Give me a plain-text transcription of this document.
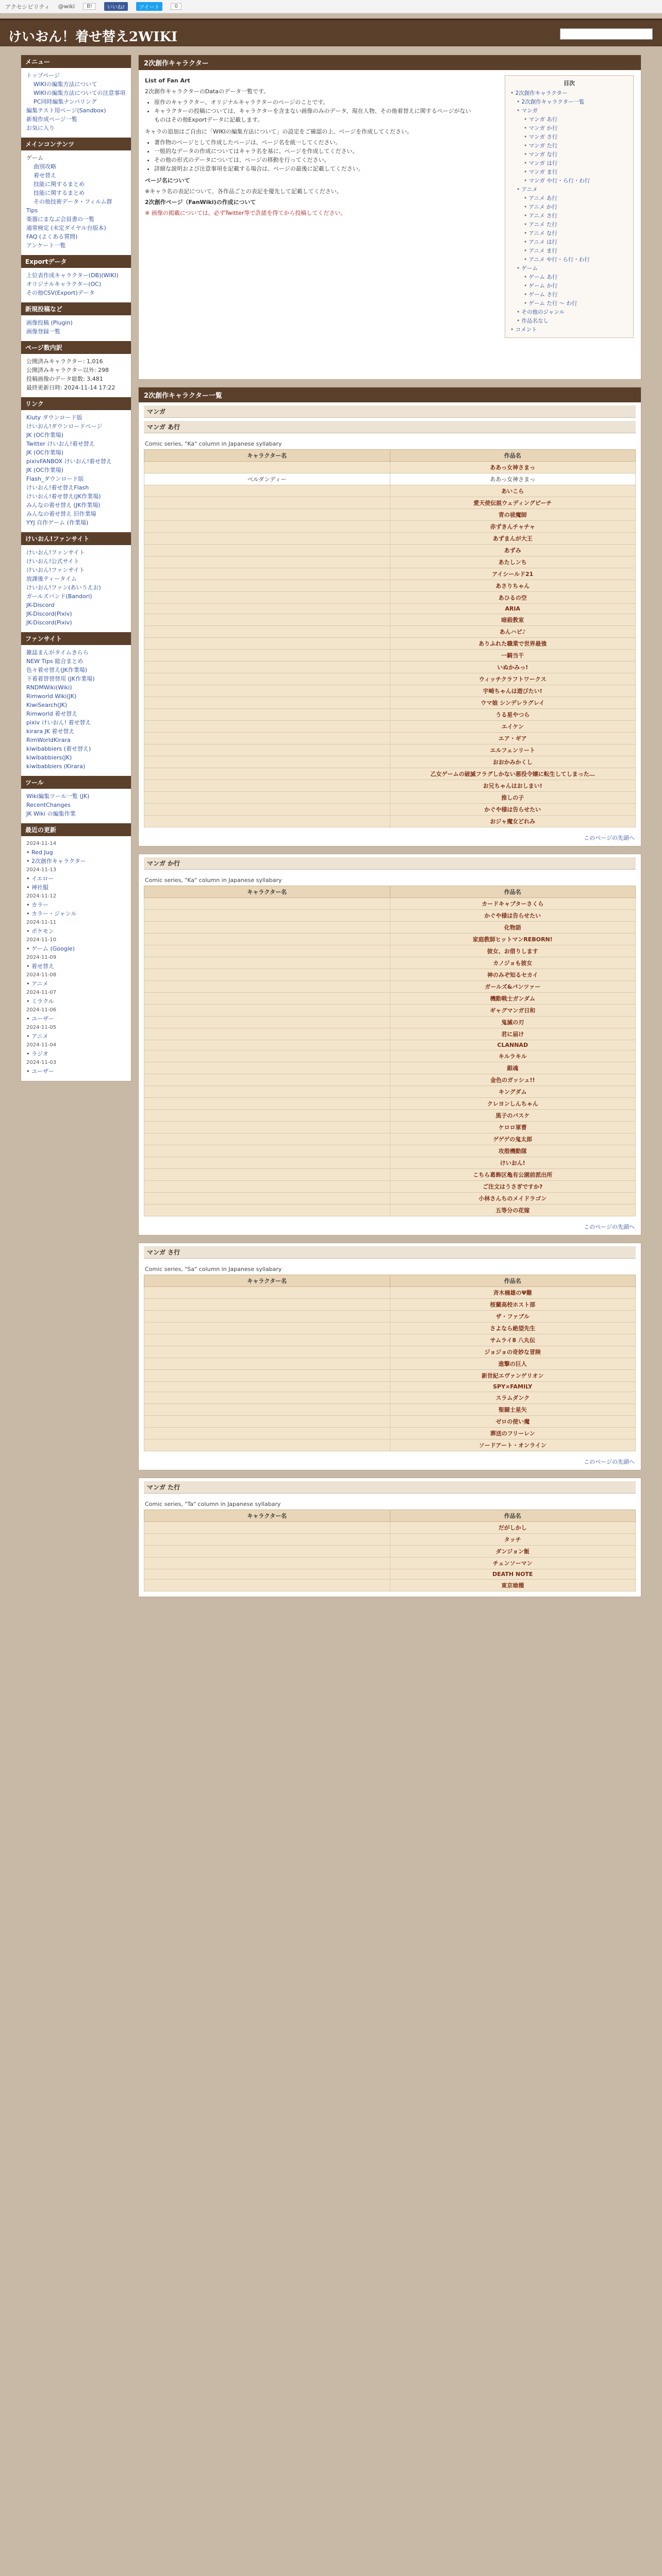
アクセシビリティ @wiki	B!	いいね!	ツイート	0
けいおん！着せ替え2WIKI
メニュー
トップページ
WIKIの編集方法について
WIKIの編集方法についての注意事項
PC同時編集ナンバリング
編集テスト用ページ(Sandbox)
新規作成ページ一覧
お気に入り
メインコンテンツ
ゲーム
曲別攻略
着せ替え
技能に関するまとめ
技能に関するまとめ
その他技術データ・フィルム群
Tips
楽器にまなぶ会員書の一覧
通常検定 (未定ダイヤル台版本)
FAQ (よくある質問)
アンケート一覧
Exportデータ
上位表作成キャラクター(DB)(WIKI)
オリジナルキャラクター(OC)
その他CSV(Export)データ
新規投稿など
画像投稿 (Plugin)
画像登録一覧
ページ数内訳
公開済みキャラクター: 1,016
公開済みキャラクター以外: 298
投稿画像のデータ総数: 3,481
最終更新日時: 2024-11-14 17:22
リンク
Kiuty ダウンロード版
けいおん!ダウンロードページ
JK (OC作業場)
Twitter けいおん!着せ替え
JK (OC作業場)
pixivFANBOX けいおん!着せ替え
JK (OC作業場)
Flash_ダウンロード版
けいおん!着せ替えFlash
けいおん!着せ替え(JK作業場)
みんなの着せ替え (JK作業場)
みんなの着せ替え 旧作業場
YYJ 自作ゲーム (作業場)
けいおん!ファンサイト
けいおん!ファンサイト
けいおん!公式サイト
けいおん!ファンサイト
放課後ティータイム
けいおん!ファン(あいうえお)
ガールズバンド(Bandori)
JK-Discord
JK-Discord(Pixiv)
JK-Discord(Pixiv)
ファンサイト
雑誌まんがタイムきらら
NEW Tips 総合まとめ
色々着せ替え(JK作業場)
下着着替替替用 (JK作業場)
RNDMWiki(Wiki)
Rimworld Wiki(JK)
KiwiSearch(JK)
Rimworld 着せ替え
pixiv けいおん! 着せ替え
kirara JK 着せ替え
RimWorldKirara
kiwibabbiers (着せ替え)
kiwibabbiers(JK)
kiwibabbiers (Kirara)
ツール
Wiki編集ツール一覧 (JK)
RecentChanges
JK Wiki の編集作業
最近の更新
2024-11-14
• Red Jug
• 2次創作キャラクター
2024-11-13
• イエロー
• 神社服
2024-11-12
• カラー
• カラー・ジャンル
2024-11-11
• ポケモン
2024-11-10
• ゲーム (Google)
2024-11-09
• 着せ替え
2024-11-08
• アニメ
2024-11-07
• ミラクル
2024-11-06
• ユーザー
2024-11-05
• アニメ
2024-11-04
• ラジオ
2024-11-03
• ユーザー
2次創作キャラクター
目次
• 2次創作キャラクター
• 2次創作キャラクター一覧
• マンガ
• マンガ あ行
• マンガ か行
• マンガ さ行
• マンガ た行
• マンガ な行
• マンガ は行
• マンガ ま行
• マンガ や行・ら行・わ行
• アニメ
• アニメ あ行
• アニメ か行
• アニメ さ行
• アニメ た行
• アニメ な行
• アニメ は行
• アニメ ま行
• アニメ や行・ら行・わ行
• ゲーム
• ゲーム あ行
• ゲーム か行
• ゲーム さ行
• ゲーム た行 〜 わ行
• その他のジャンル
• 作品名なし
• コメント

List of Fan Art

2次創作キャラクターのDataのデータ一覧です。

• 原作のキャラクター、オリジナルキャラクターのページのことです。
• キャラクターの投稿については、キャラクターを含まない画像のみのデータ、現在人物、その他着替えに関するページがないものはその他Exportデータに記載します。

キャラの追加はご自由に「WIKIの編集方法について」の設定をご確認の上、ページを作成してください。

• 著作物のページとして作成したページは、ページ名を統一してください。
• 一般的なデータの作成についてはキャラ名を基に、ページを作成してください。
• その他の形式のデータについては、ページの移動を行ってください。
• 詳細な説明および注意事項を記載する場合は、ページの最後に記載してください。

ページ名について

※キャラ名の表記について、各作品ごとの表記を優先して記載してください。

2次創作ページ（FanWiki)の作成について

※ 画像の掲載については、必ずTwitter等で許諾を得てから投稿してください。

2次創作キャラクター一覧
マンガ
マンガ あ行
Comic series, "Ka" column in Japanese syllabary
キャラクター名	作品名
	ああっ女神さまっ
ベルダンディー	ああっ女神さまっ
	あいこら
	愛天使伝説ウェディングピーチ
	青の祓魔師
	赤ずきんチャチャ
	あずまんが大王
	あずみ
	あたしンち
	アイシールド21
	あさりちゃん
	あひるの空
	ARIA
	暗殺教室
	あんハピ♪
	ありふれた職業で世界最強
	一騎当千
	いぬかみっ!
	ウィッチクラフトワークス
	宇崎ちゃんは遊びたい!
	ウマ娘 シンデレラグレイ
	うる星やつら
	エイケン
	エア・ギア
	エルフェンリート
	おおかみかくし
	乙女ゲームの破滅フラグしかない悪役令嬢に転生してしまった…
	お兄ちゃんはおしまい!
	推しの子
	かぐや様は告らせたい
	おジャ魔女どれみ
このページの先頭へ
マンガ か行
Comic series, "Ka" column in Japanese syllabary
キャラクター名	作品名
	カードキャプターさくら
	かぐや様は告らせたい
	化物語
	家庭教師ヒットマンREBORN!
	彼女、お借りします
	カノジョも彼女
	神のみぞ知るセカイ
	ガールズ&パンツァー
	機動戦士ガンダム
	ギャグマンガ日和
	鬼滅の刃
	君に届け
	CLANNAD
	キルラキル
	銀魂
	金色のガッシュ!!
	キングダム
	クレヨンしんちゃん
	黒子のバスケ
	ケロロ軍曹
	ゲゲゲの鬼太郎
	攻殻機動隊
	けいおん!
	こちら葛飾区亀有公園前派出所
	ご注文はうさぎですか?
	小林さんちのメイドラゴン
	五等分の花嫁
このページの先頭へ
マンガ さ行
Comic series, "Sa" column in Japanese syllabary
キャラクター名	作品名
	斉木楠雄のΨ難
	桜蘭高校ホスト部
	ザ・ファブル
	さよなら絶望先生
	サムライ8 八丸伝
	ジョジョの奇妙な冒険
	進撃の巨人
	新世紀エヴァンゲリオン
	SPY×FAMILY
	スラムダンク
	聖闘士星矢
	ゼロの使い魔
	葬送のフリーレン
	ソードアート・オンライン
このページの先頭へ
マンガ た行
Comic series, "Ta" column in Japanese syllabary
キャラクター名	作品名
	だがしかし
	タッチ
	ダンジョン飯
	チェンソーマン
	DEATH NOTE
	東京喰種
